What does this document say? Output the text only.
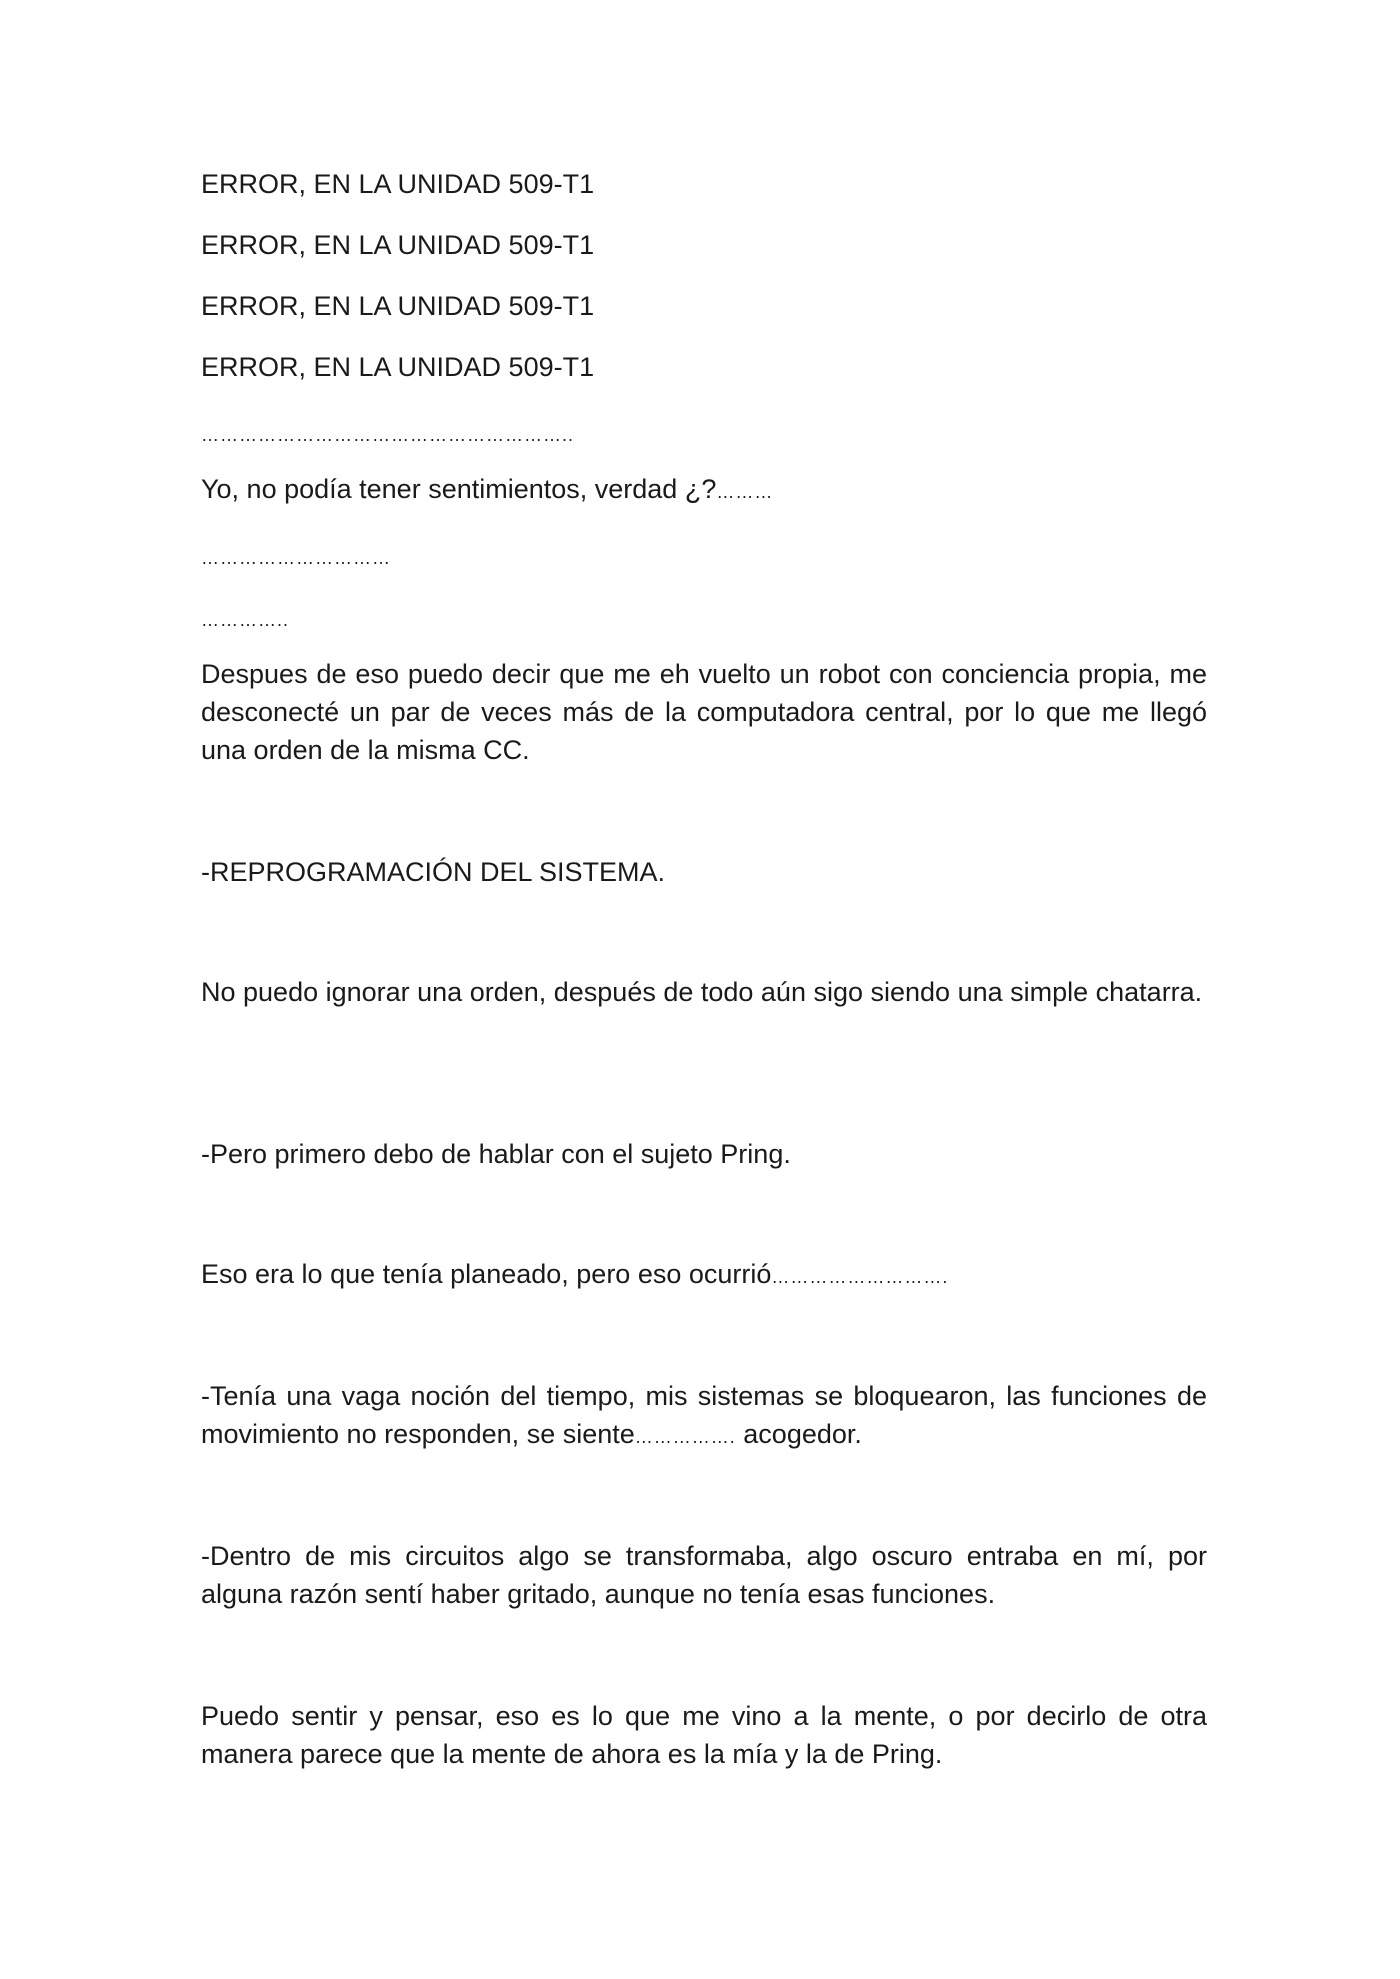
ERROR, EN LA UNIDAD 509-T1
ERROR, EN LA UNIDAD 509-T1
ERROR, EN LA UNIDAD 509-T1
ERROR, EN LA UNIDAD 509-T1
…………………………………………………..
Yo, no podía tener sentimientos, verdad ¿?………
…………………………
…………..
Despues de eso puedo decir que me eh vuelto un robot con conciencia propia, me desconecté un par de veces más de la computadora central, por lo que me llegó una orden de la misma CC.
-REPROGRAMACIÓN DEL SISTEMA.
No puedo ignorar una orden, después de todo aún sigo siendo una simple chatarra.
-Pero primero debo de hablar con el sujeto Pring.
Eso era lo que tenía planeado, pero eso ocurrió……………………….
-Tenía una vaga noción del tiempo, mis sistemas se bloquearon, las funciones de movimiento no responden, se siente……………. acogedor.
-Dentro de mis circuitos algo se transformaba, algo oscuro entraba en mí, por alguna razón sentí haber gritado, aunque no tenía esas funciones.
Puedo sentir y pensar, eso es lo que me vino a la mente, o por decirlo de otra manera parece que la mente de ahora es la mía y la de Pring.
